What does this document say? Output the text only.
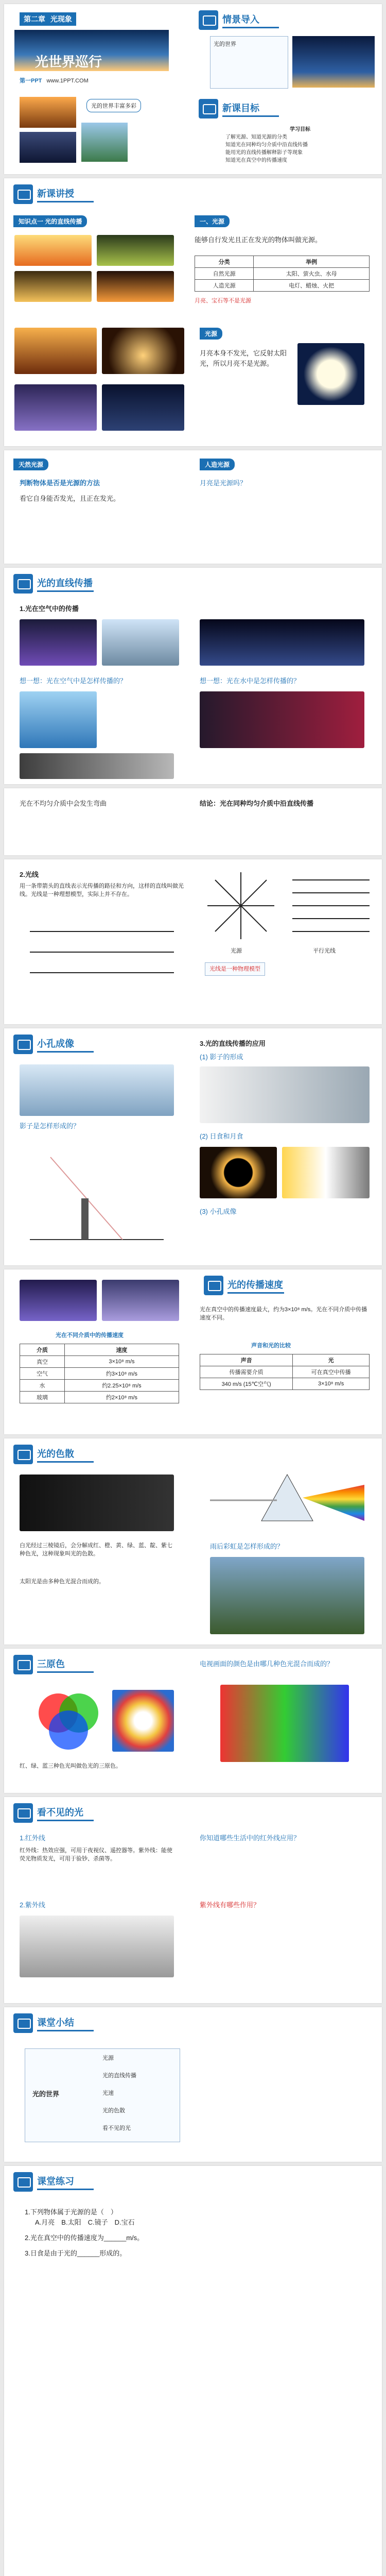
第二章 光现象
光世界巡行
第一PPT www.1PPT.COM
光的世界丰富多彩
情景导入
光的世界
新课目标
学习目标
了解光源、知道光源的分类
知道光在同种均匀介质中沿直线传播
能用光的直线传播解释影子等现象
知道光在真空中的传播速度
新课讲授
知识点一 光的直线传播	一、光源
能够自行发光且正在发光的物体叫做光源。
分类	举例
自然光源	太阳、萤火虫、水母
人造光源	电灯、蜡烛、火把
月亮、宝石等不是光源
光源
月亮本身不发光，它反射太阳光，所以月亮不是光源。
天然光源
判断物体是否是光源的方法
看它自身能否发光，且正在发光。
人造光源
月亮是光源吗？
光的直线传播
1.光在空气中的传播
想一想：光在空气中是怎样传播的？	想一想：光在水中是怎样传播的？
光在不均匀介质中会发生弯曲	结论：光在同种均匀介质中沿直线传播
2.光线
用一条带箭头的直线表示光传播的路径和方向，这样的直线叫做光线。光线是一种理想模型，实际上并不存在。
光源	平行光线
光线是一种物理模型
小孔成像
影子是怎样形成的？
3.光的直线传播的应用
(1) 影子的形成
(2) 日食和月食
(3) 小孔成像
光的传播速度
光在不同介质中的传播速度
介质	速度
真空	3×10⁸ m/s
空气	约3×10⁸ m/s
水	约2.25×10⁸ m/s
玻璃	约2×10⁸ m/s
光在真空中的传播速度最大，约为3×10⁸ m/s。光在不同介质中传播速度不同。
声音和光的比较
声音	光
传播需要介质	可在真空中传播
340 m/s (15℃空气)	3×10⁸ m/s
光的色散
白光经过三棱镜后，会分解成红、橙、黄、绿、蓝、靛、紫七种色光，这种现象叫光的色散。
雨后彩虹是怎样形成的？
太阳光是由多种色光混合而成的。
三原色
红、绿、蓝三种色光叫做色光的三原色。
电视画面的颜色是由哪几种色光混合而成的？
看不见的光
1.红外线
红外线：热效应强，可用于夜视仪、遥控器等。紫外线：能使荧光物质发光，可用于验钞、杀菌等。
2.紫外线
你知道哪些生活中的红外线应用？
紫外线有哪些作用？
课堂小结
光的世界
光源
光的直线传播
光速
光的色散
看不见的光
课堂练习
1.下列物体属于光源的是（　）
A.月亮　B.太阳　C.镜子　D.宝石
2.光在真空中的传播速度为______m/s。
3.日食是由于光的______形成的。
